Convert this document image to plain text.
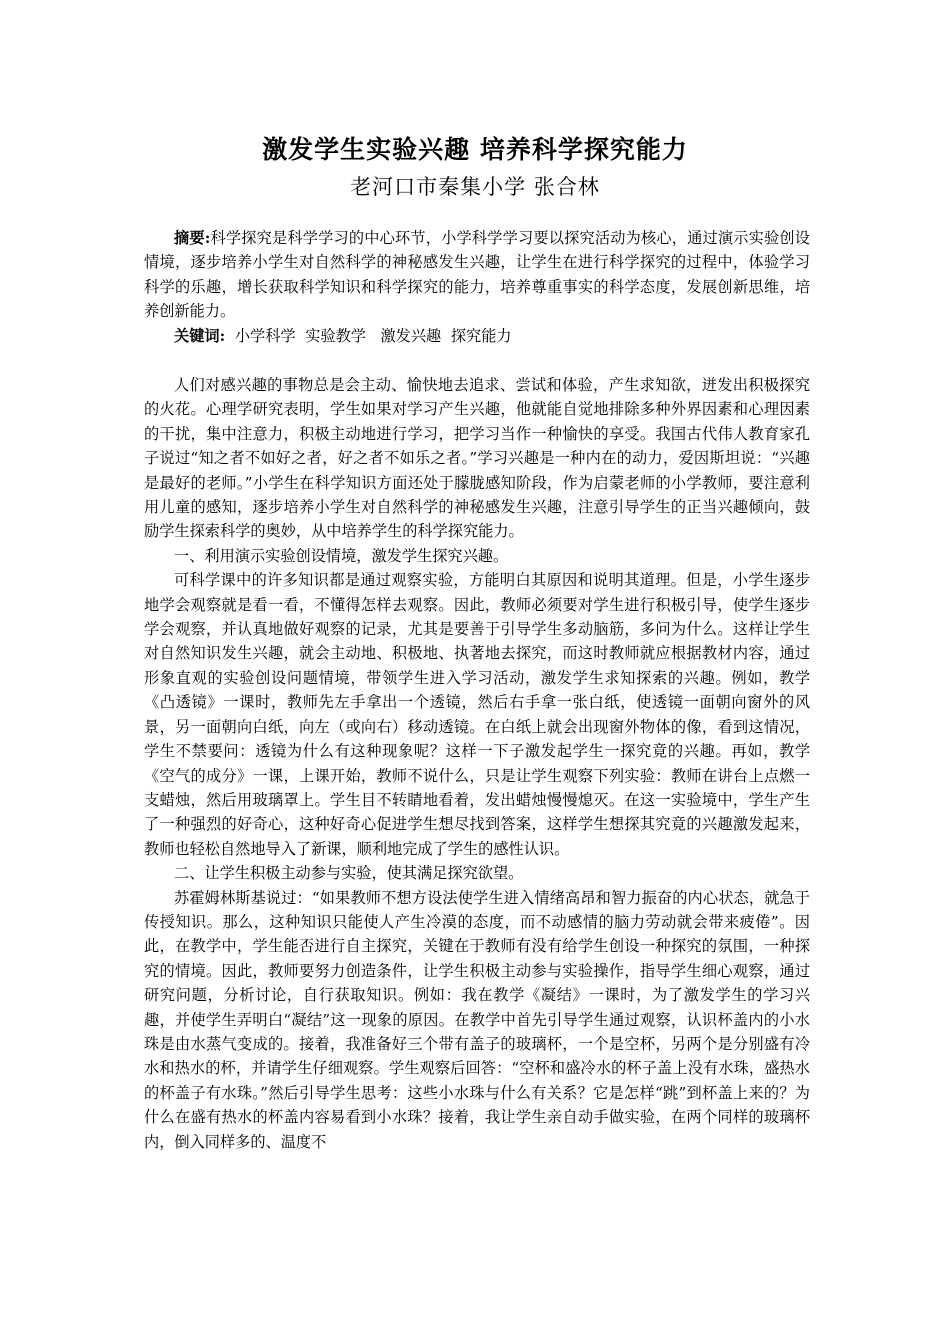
激发学生实验兴趣 培养科学探究能力
老河口市秦集小学 张合林

摘要:科学探究是科学学习的中心环节，小学科学学习要以探究活动为核心，通过演示实验创设情境，逐步培养小学生对自然科学的神秘感发生兴趣，让学生在进行科学探究的过程中，体验学习科学的乐趣，增长获取科学知识和科学探究的能力，培养尊重事实的科学态度，发展创新思维，培养创新能力。

关键词:  小学科学  实验教学   激发兴趣  探究能力

人们对感兴趣的事物总是会主动、愉快地去追求、尝试和体验，产生求知欲，迸发出积极探究的火花。心理学研究表明，学生如果对学习产生兴趣，他就能自觉地排除多种外界因素和心理因素的干扰，集中注意力，积极主动地进行学习，把学习当作一种愉快的享受。我国古代伟人教育家孔子说过“知之者不如好之者，好之者不如乐之者。”学习兴趣是一种内在的动力，爱因斯坦说：“兴趣是最好的老师。”小学生在科学知识方面还处于朦胧感知阶段，作为启蒙老师的小学教师，要注意利用儿童的感知，逐步培养小学生对自然科学的神秘感发生兴趣，注意引导学生的正当兴趣倾向，鼓励学生探索科学的奥妙，从中培养学生的科学探究能力。

一、利用演示实验创设情境，激发学生探究兴趣。

可科学课中的许多知识都是通过观察实验，方能明白其原因和说明其道理。但是，小学生逐步地学会观察就是看一看，不懂得怎样去观察。因此，教师必须要对学生进行积极引导，使学生逐步学会观察，并认真地做好观察的记录，尤其是要善于引导学生多动脑筋，多问为什么。这样让学生对自然知识发生兴趣，就会主动地、积极地、执著地去探究，而这时教师就应根据教材内容，通过形象直观的实验创设问题情境，带领学生进入学习活动，激发学生求知探索的兴趣。例如，教学《凸透镜》一课时，教师先左手拿出一个透镜，然后右手拿一张白纸，使透镜一面朝向窗外的风景，另一面朝向白纸，向左（或向右）移动透镜。在白纸上就会出现窗外物体的像，看到这情况，学生不禁要问：透镜为什么有这种现象呢？这样一下子激发起学生一探究竟的兴趣。再如，教学《空气的成分》一课，上课开始，教师不说什么，只是让学生观察下列实验：教师在讲台上点燃一支蜡烛，然后用玻璃罩上。学生目不转睛地看着，发出蜡烛慢慢熄灭。在这一实验境中，学生产生了一种强烈的好奇心，这种好奇心促进学生想尽找到答案，这样学生想探其究竟的兴趣激发起来，教师也轻松自然地导入了新课，顺利地完成了学生的感性认识。

二、让学生积极主动参与实验，使其满足探究欲望。

苏霍姆林斯基说过：“如果教师不想方设法使学生进入情绪高昂和智力振奋的内心状态，就急于传授知识。那么，这种知识只能使人产生冷漠的态度，而不动感情的脑力劳动就会带来疲倦”。因此，在教学中，学生能否进行自主探究，关键在于教师有没有给学生创设一种探究的氛围，一种探究的情境。因此，教师要努力创造条件，让学生积极主动参与实验操作，指导学生细心观察，通过研究问题，分析讨论，自行获取知识。例如：我在教学《凝结》一课时，为了激发学生的学习兴趣，并使学生弄明白“凝结”这一现象的原因。在教学中首先引导学生通过观察，认识杯盖内的小水珠是由水蒸气变成的。接着，我准备好三个带有盖子的玻璃杯，一个是空杯，另两个是分别盛有冷水和热水的杯，并请学生仔细观察。学生观察后回答：“空杯和盛冷水的杯子盖上没有水珠，盛热水的杯盖子有水珠。”然后引导学生思考：这些小水珠与什么有关系？它是怎样“跳”到杯盖上来的？为什么在盛有热水的杯盖内容易看到小水珠？接着，我让学生亲自动手做实验，在两个同样的玻璃杯内，倒入同样多的、温度不
